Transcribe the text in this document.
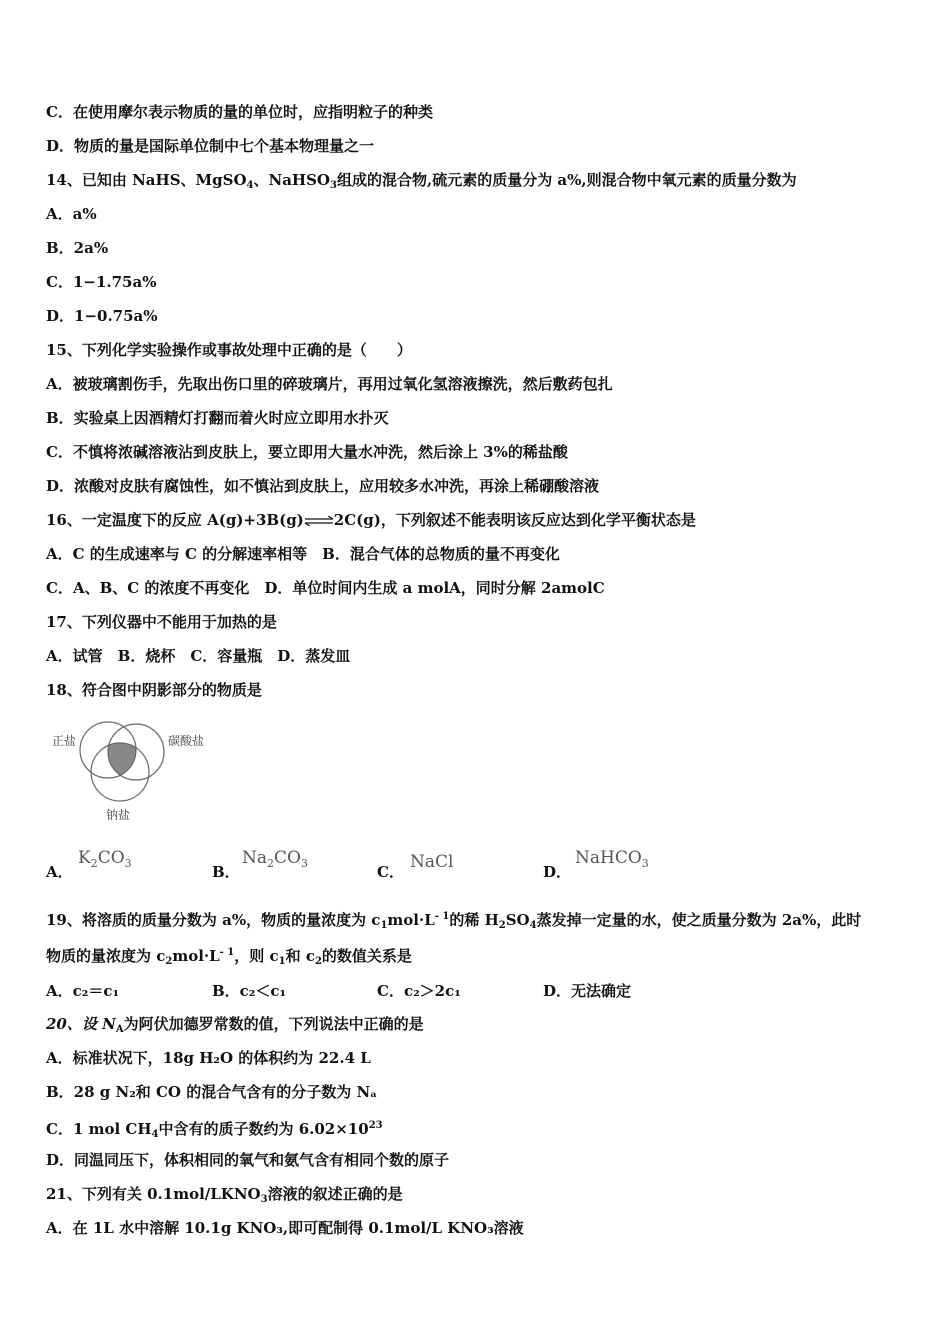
C．在使用摩尔表示物质的量的单位时，应指明粒子的种类
D．物质的量是国际单位制中七个基本物理量之一
14、已知由 NaHS、MgSO$_4$、NaHSO$_3$组成的混合物,硫元素的质量分为 a%,则混合物中氧元素的质量分数为
A．a%
B．2a%
C．1−1.75a%
D．1−0.75a%
15、下列化学实验操作或事故处理中正确的是（　　）
A．被玻璃割伤手，先取出伤口里的碎玻璃片，再用过氧化氢溶液擦洗，然后敷药包扎
B．实验桌上因酒精灯打翻而着火时应立即用水扑灭
C．不慎将浓碱溶液沾到皮肤上，要立即用大量水冲洗，然后涂上 3%的稀盐酸
D．浓酸对皮肤有腐蚀性，如不慎沾到皮肤上，应用较多水冲洗，再涂上稀硼酸溶液
16、一定温度下的反应 A(g)+3B(g)⇌2C(g)，下列叙述不能表明该反应达到化学平衡状态是
A．C 的生成速率与 C 的分解速率相等　B．混合气体的总物质的量不再变化
C．A、B、C 的浓度不再变化　D．单位时间内生成 a molA，同时分解 2amolC
17、下列仪器中不能用于加热的是
A．试管　B．烧杯　C．容量瓶　D．蒸发皿
18、符合图中阴影部分的物质是
正盐	碳酸盐
钠盐
A．
$K_2CO_3$	B．
$Na_2CO_3$	C． NaCl	D．
NaHCO$_3$
19、将溶质的质量分数为 a%，物质的量浓度为 $c_1mol\cdot L^{- 1}$的稀 $H_2SO_4$蒸发掉一定量的水，使之质量分数为 2a%，此时
物质的量浓度为 $c_2mol\cdot L^{- 1}$，则 $c_1$和 $c_2$的数值关系是
A．c₂＝c₁	B．c₂＜c₁	C．c₂＞2c₁	D．无法确定
20、设 $N_A$为阿伏加德罗常数的值，下列说法中正确的是
A．标准状况下，18g H₂O 的体积约为 22.4 L
B．28 g N₂和 CO 的混合气含有的分子数为 Nₐ
C．1 mol $CH_4$中含有的质子数约为 $6.02\times 10^{23}$
D．同温同压下，体积相同的氧气和氨气含有相同个数的原子
21、下列有关 $0.1mol/LKNO_3$溶液的叙述正确的是
A．在 1L 水中溶解 10.1g KNO₃,即可配制得 0.1mol/L KNO₃溶液
